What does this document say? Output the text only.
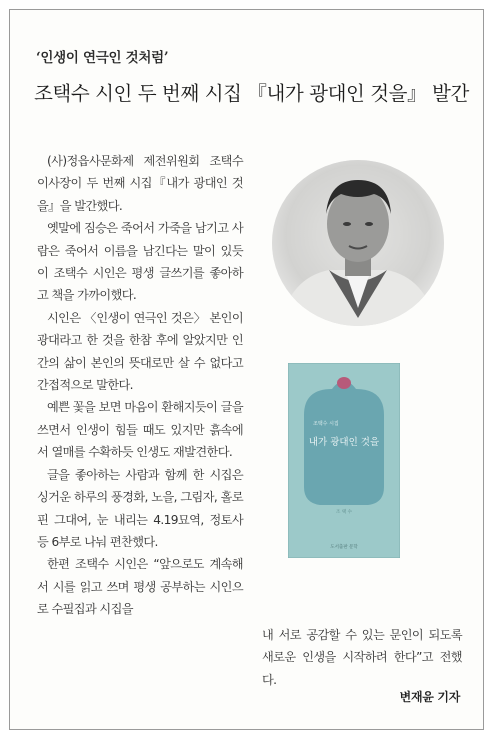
‘인생이 연극인 것처럼’
조택수 시인 두 번째 시집 『내가 광대인 것을』 발간

(사)정읍사문화제 제전위원회 조택수 이사장이 두 번째 시집『내가 광대인 것을』을 발간했다.

옛말에 짐승은 죽어서 가죽을 남기고 사람은 죽어서 이름을 남긴다는 말이 있듯이 조택수 시인은 평생 글쓰기를 좋아하고 책을 가까이했다.

시인은 〈인생이 연극인 것은〉 본인이 광대라고 한 것을 한참 후에 알았지만 인간의 삶이 본인의 뜻대로만 살 수 없다고 간접적으로 말한다.

예쁜 꽃을 보면 마음이 환해지듯이 글을 쓰면서 인생이 힘들 때도 있지만 흙속에서 열매를 수확하듯 인생도 재발견한다.

글을 좋아하는 사람과 함께 한 시집은 싱거운 하루의 풍경화, 노을, 그림자, 홀로 핀 그대여, 눈 내리는 4.19묘역, 정토사 등 6부로 나눠 편찬했다.

한편 조택수 시인은 “앞으로도 계속해서 시를 읽고 쓰며 평생 공부하는 시인으로 수필집과 시집을

조택수 시집
내가 광대인 것을
조 택 수
도서출판 문학

내 서로 공감할 수 있는 문인이 되도록 새로운 인생을 시작하려 한다”고 전했다.

변재윤 기자
